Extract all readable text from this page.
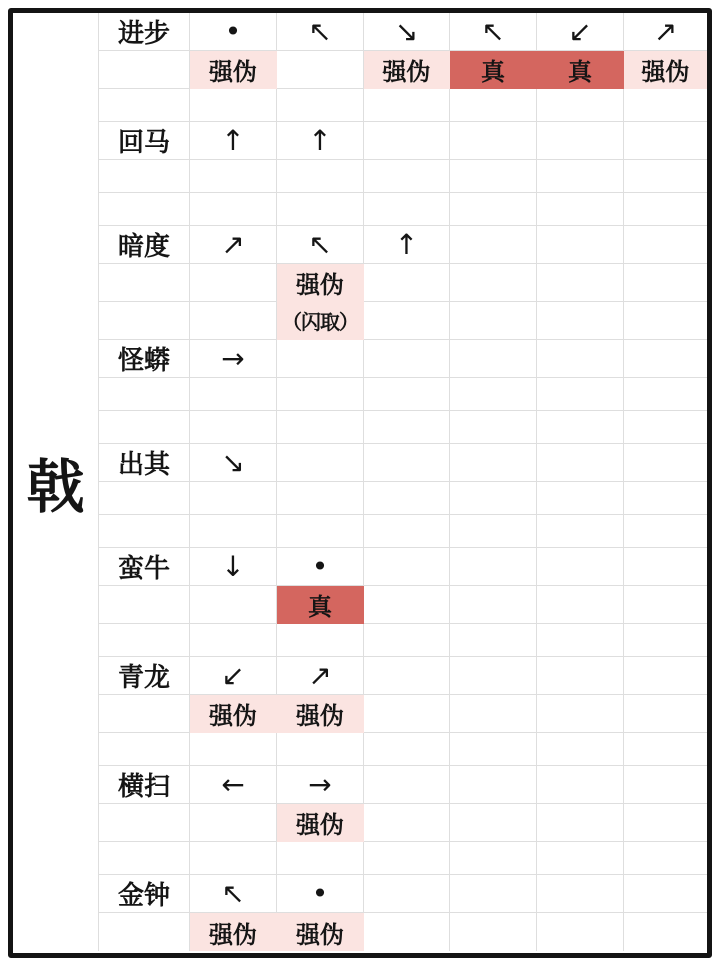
戟
进步 • ↖ ↘ ↖ ↙ ↗
强伪	强伪 真	真 强伪
回马 ↑ ↑
暗度 ↗ ↖ ↑
强伪
（闪取）
怪蟒 →
出其 ↘
蛮牛 ↓ •
真
青龙 ↙ ↗
强伪 强伪
横扫 ← →
强伪
金钟 ↖ •
强伪 强伪
